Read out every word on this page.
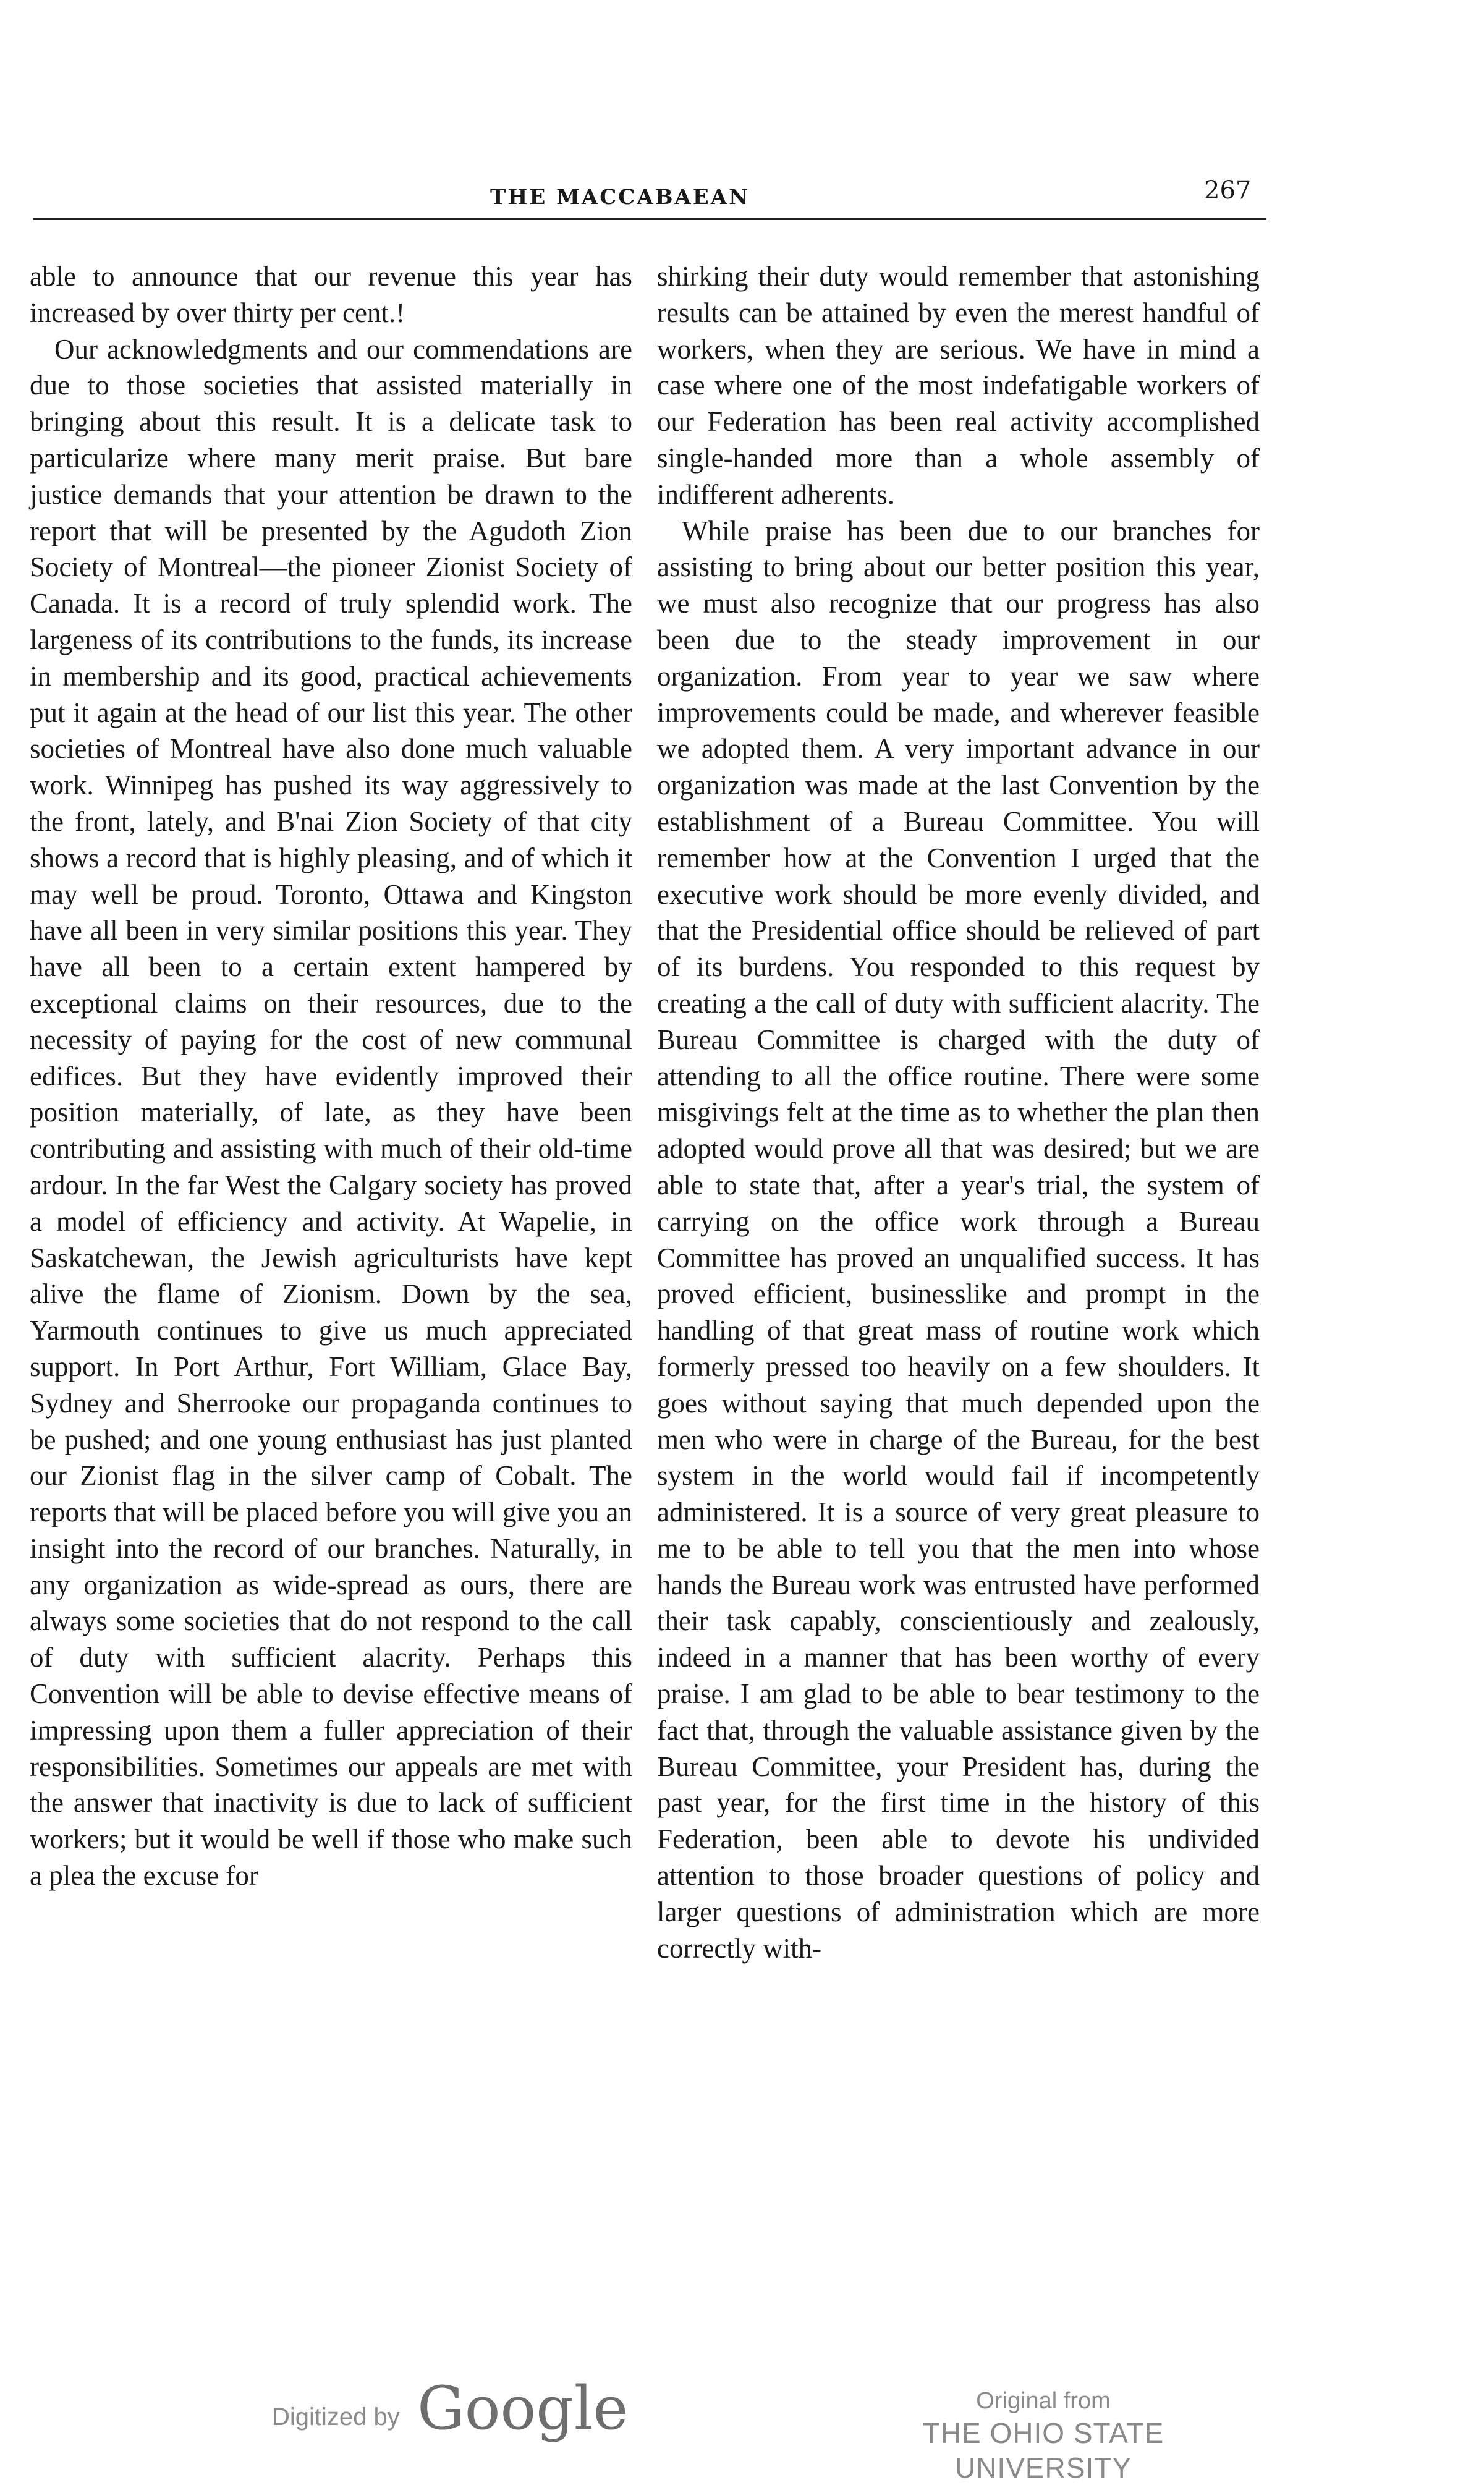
THE MACCABAEAN	267

able to announce that our revenue this year has increased by over thirty per cent.!

Our acknowledgments and our commendations are due to those societies that assisted materially in bringing about this result. It is a delicate task to particularize where many merit praise. But bare justice demands that your attention be drawn to the report that will be presented by the Agudoth Zion Society of Montreal—the pioneer Zionist Society of Canada. It is a record of truly splendid work. The largeness of its contributions to the funds, its increase in membership and its good, practical achievements put it again at the head of our list this year. The other societies of Montreal have also done much valuable work. Winnipeg has pushed its way aggressively to the front, lately, and B'nai Zion Society of that city shows a record that is highly pleasing, and of which it may well be proud. Toronto, Ottawa and Kingston have all been in very similar positions this year. They have all been to a certain extent hampered by exceptional claims on their resources, due to the necessity of paying for the cost of new communal edifices. But they have evidently improved their position materially, of late, as they have been contributing and assisting with much of their old-time ardour. In the far West the Calgary society has proved a model of efficiency and activity. At Wapelie, in Saskatchewan, the Jewish agriculturists have kept alive the flame of Zionism. Down by the sea, Yarmouth continues to give us much appreciated support. In Port Arthur, Fort William, Glace Bay, Sydney and Sherrooke our propaganda continues to be pushed; and one young enthusiast has just planted our Zionist flag in the silver camp of Cobalt. The reports that will be placed before you will give you an insight into the record of our branches. Naturally, in any organization as wide-spread as ours, there are always some societies that do not respond to the call of duty with sufficient alacrity. Perhaps this Convention will be able to devise effective means of impressing upon them a fuller appreciation of their responsibilities. Sometimes our appeals are met with the answer that inactivity is due to lack of sufficient workers; but it would be well if those who make such a plea the excuse for

shirking their duty would remember that astonishing results can be attained by even the merest handful of workers, when they are serious. We have in mind a case where one of the most indefatigable workers of our Federation has been real activity accomplished single-handed more than a whole assembly of indifferent adherents.

While praise has been due to our branches for assisting to bring about our better position this year, we must also recognize that our progress has also been due to the steady improvement in our organization. From year to year we saw where improvements could be made, and wherever feasible we adopted them. A very important advance in our organization was made at the last Convention by the establishment of a Bureau Committee. You will remember how at the Convention I urged that the executive work should be more evenly divided, and that the Presidential office should be relieved of part of its burdens. You responded to this request by creating a the call of duty with sufficient alacrity. The Bureau Committee is charged with the duty of attending to all the office routine. There were some misgivings felt at the time as to whether the plan then adopted would prove all that was desired; but we are able to state that, after a year's trial, the system of carrying on the office work through a Bureau Committee has proved an unqualified success. It has proved efficient, businesslike and prompt in the handling of that great mass of routine work which formerly pressed too heavily on a few shoulders. It goes without saying that much depended upon the men who were in charge of the Bureau, for the best system in the world would fail if incompetently administered. It is a source of very great pleasure to me to be able to tell you that the men into whose hands the Bureau work was entrusted have performed their task capably, conscientiously and zealously, indeed in a manner that has been worthy of every praise. I am glad to be able to bear testimony to the fact that, through the valuable assistance given by the Bureau Committee, your President has, during the past year, for the first time in the history of this Federation, been able to devote his undivided attention to those broader questions of policy and larger questions of administration which are more correctly with-

Digitized by Google	Original from
THE OHIO STATE UNIVERSITY
